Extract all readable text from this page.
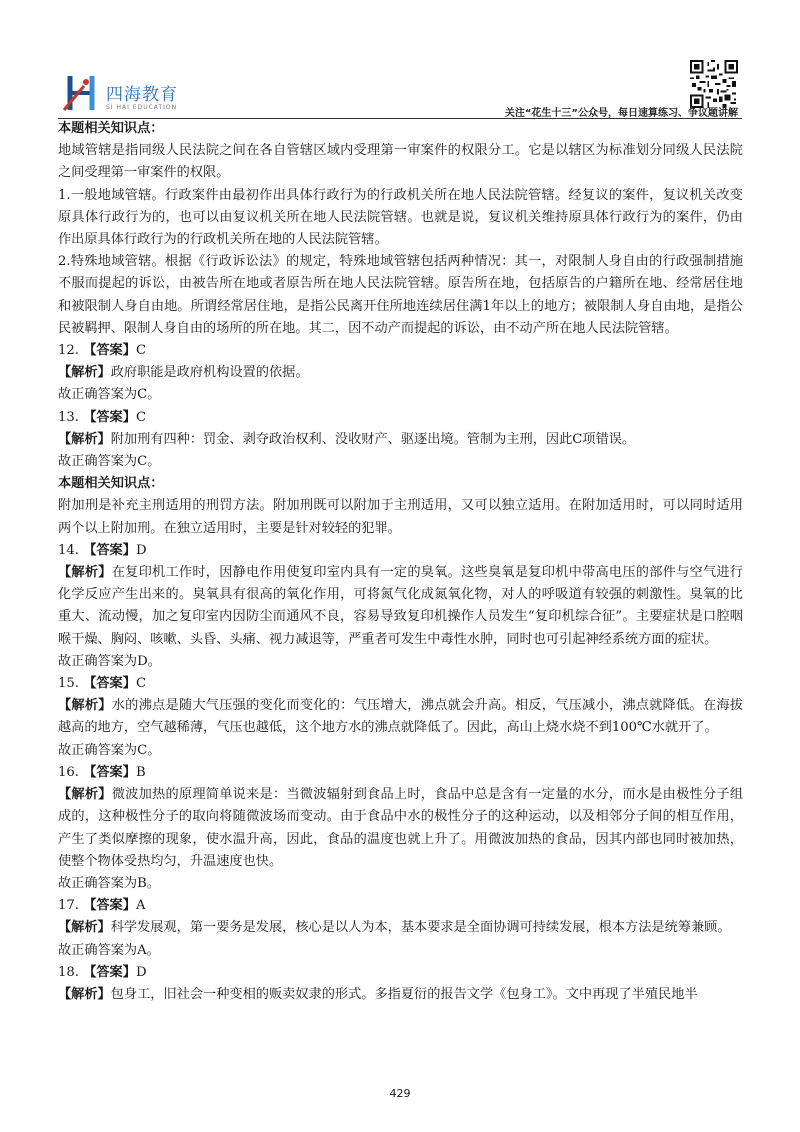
四海教育
SI HAI EDUCATION
关注“花生十三”公众号，每日速算练习、争议题讲解

本题相关知识点：

地域管辖是指同级人民法院之间在各自管辖区域内受理第一审案件的权限分工。它是以辖区为标准划分同级人民法院之间受理第一审案件的权限。

1.一般地域管辖。行政案件由最初作出具体行政行为的行政机关所在地人民法院管辖。经复议的案件，复议机关改变原具体行政行为的，也可以由复议机关所在地人民法院管辖。也就是说，复议机关维持原具体行政行为的案件，仍由作出原具体行政行为的行政机关所在地的人民法院管辖。

2.特殊地域管辖。根据《行政诉讼法》的规定，特殊地域管辖包括两种情况：其一，对限制人身自由的行政强制措施不服而提起的诉讼，由被告所在地或者原告所在地人民法院管辖。原告所在地，包括原告的户籍所在地、经常居住地和被限制人身自由地。所谓经常居住地，是指公民离开住所地连续居住满1年以上的地方；被限制人身自由地，是指公民被羁押、限制人身自由的场所的所在地。其二，因不动产而提起的诉讼，由不动产所在地人民法院管辖。

12. 【答案】C

【解析】政府职能是政府机构设置的依据。

故正确答案为C。

13. 【答案】C

【解析】附加刑有四种：罚金、剥夺政治权利、没收财产、驱逐出境。管制为主刑，因此C项错误。

故正确答案为C。

本题相关知识点：

附加刑是补充主刑适用的刑罚方法。附加刑既可以附加于主刑适用，又可以独立适用。在附加适用时，可以同时适用两个以上附加刑。在独立适用时，主要是针对较轻的犯罪。

14. 【答案】D

【解析】在复印机工作时，因静电作用使复印室内具有一定的臭氧。这些臭氧是复印机中带高电压的部件与空气进行化学反应产生出来的。臭氧具有很高的氧化作用，可将氮气化成氮氧化物，对人的呼吸道有较强的刺激性。臭氧的比重大、流动慢，加之复印室内因防尘而通风不良，容易导致复印机操作人员发生“复印机综合征”。主要症状是口腔咽喉干燥、胸闷、咳嗽、头昏、头痛、视力减退等，严重者可发生中毒性水肿，同时也可引起神经系统方面的症状。

故正确答案为D。

15. 【答案】C

【解析】水的沸点是随大气压强的变化而变化的：气压增大，沸点就会升高。相反，气压减小，沸点就降低。在海拔越高的地方，空气越稀薄，气压也越低，这个地方水的沸点就降低了。因此，高山上烧水烧不到100℃水就开了。

故正确答案为C。

16. 【答案】B

【解析】微波加热的原理简单说来是：当微波辐射到食品上时，食品中总是含有一定量的水分，而水是由极性分子组成的，这种极性分子的取向将随微波场而变动。由于食品中水的极性分子的这种运动，以及相邻分子间的相互作用，产生了类似摩擦的现象，使水温升高，因此，食品的温度也就上升了。用微波加热的食品，因其内部也同时被加热，使整个物体受热均匀，升温速度也快。

故正确答案为B。

17. 【答案】A

【解析】科学发展观，第一要务是发展，核心是以人为本，基本要求是全面协调可持续发展，根本方法是统筹兼顾。

故正确答案为A。

18. 【答案】D

【解析】包身工，旧社会一种变相的贩卖奴隶的形式。多指夏衍的报告文学《包身工》。文中再现了半殖民地半

429
